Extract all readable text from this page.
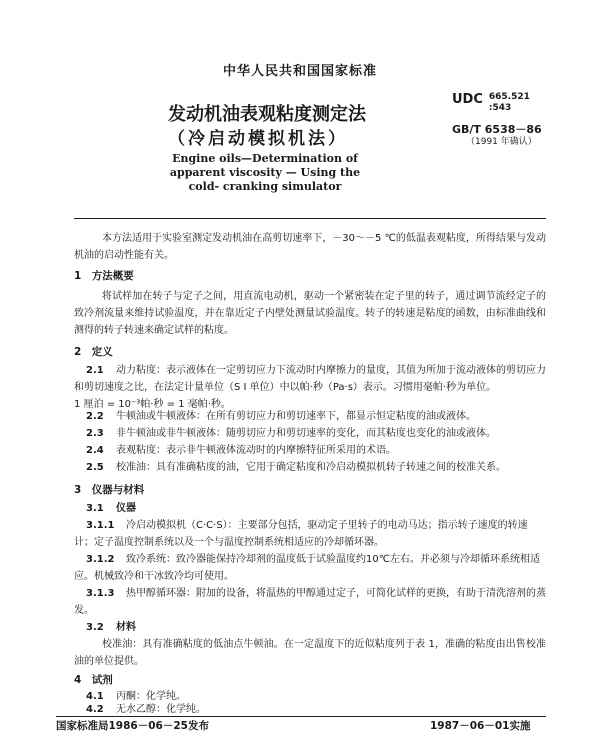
中华人民共和国国家标准
发动机油表观粘度测定法
（冷启动模拟机法）
Engine oils—Determination of
apparent viscosity — Using the
cold- cranking simulator
UDC 665.521
:543
GB/T 6538－86
（1991 年确认）
本方法适用于实验室测定发动机油在高剪切速率下，－30～－5 ℃的低温表观粘度，所得结果与发动机油的启动性能有关。
1　方法概要
将试样加在转子与定子之间，用直流电动机，驱动一个紧密装在定子里的转子，通过调节流经定子的致冷剂流量来维持试验温度，并在靠近定子内壁处测量试验温度。转子的转速是粘度的函数，由标准曲线和测得的转子转速来确定试样的粘度。
2　定义
2.1 动力粘度：表示液体在一定剪切应力下流动时内摩擦力的量度，其值为所加于流动液体的剪切应力和剪切速度之比，在法定计量单位（S I 单位）中以帕·秒（Pa·s）表示。习惯用毫帕·秒为单位。
1 厘泊 = 10⁻³帕·秒 = 1 毫帕·秒。
2.2 牛顿油或牛顿液体：在所有剪切应力和剪切速率下，都显示恒定粘度的油或液体。
2.3 非牛顿油或非牛顿液体：随剪切应力和剪切速率的变化，而其粘度也变化的油或液体。
2.4 表观粘度：表示非牛顿液体流动时的内摩擦特征所采用的术语。
2.5 校准油：具有准确粘度的油，它用于确定粘度和冷启动模拟机转子转速之间的校准关系。
3　仪器与材料
3.1 仪器
3.1.1 冷启动模拟机（C·C·S）：主要部分包括，驱动定子里转子的电动马达；指示转子速度的转速计；定子温度控制系统以及一个与温度控制系统相适应的冷却循环器。
3.1.2 致冷系统：致冷器能保持冷却剂的温度低于试验温度约10℃左右。并必须与冷却循环系统相适应。机械致冷和干冰致冷均可使用。
3.1.3 热甲醇循环器：附加的设备，将温热的甲醇通过定子，可简化试样的更换，有助于清洗溶剂的蒸发。
3.2 材料
校准油：具有准确粘度的低油点牛顿油。在一定温度下的近似粘度列于表 1，准确的粘度由出售校准油的单位提供。
4　试剂
4.1 丙酮：化学纯。
4.2 无水乙醇：化学纯。
国家标准局1986－06－25发布	1987－06－01实施
